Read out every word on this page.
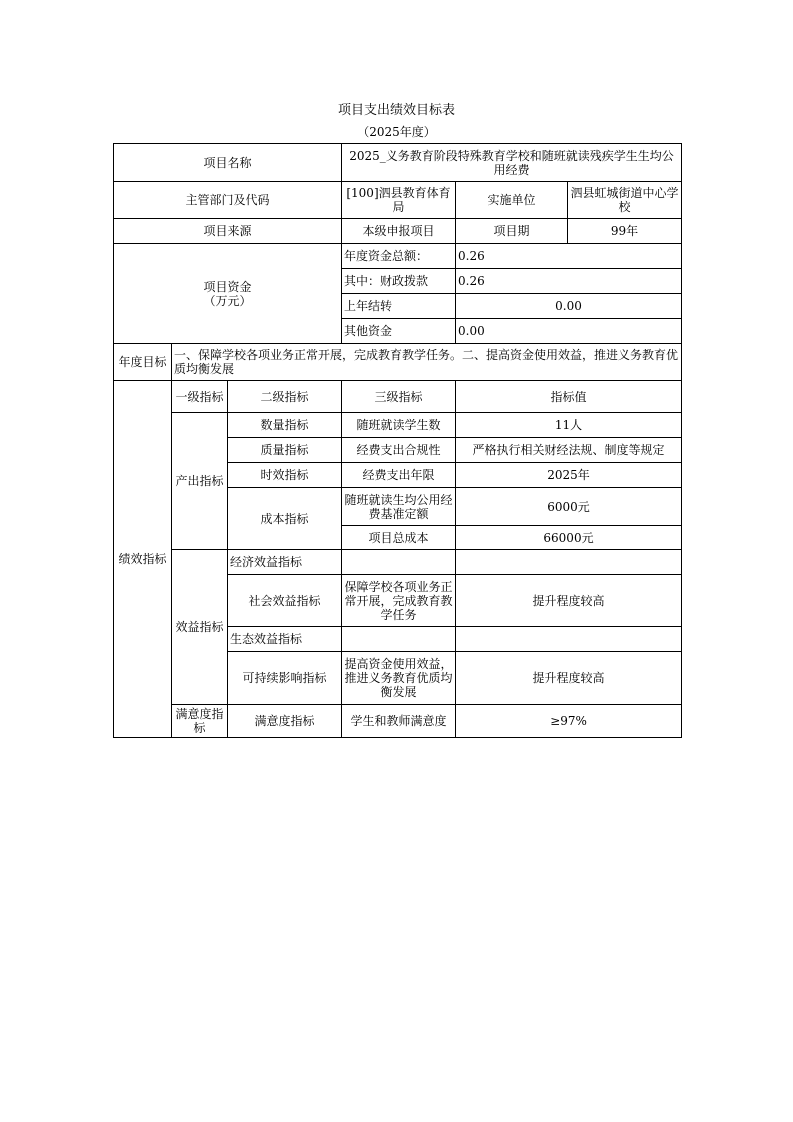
项目支出绩效目标表
（2025年度）
项目名称			2025_义务教育阶段特殊教育学校和随班就读残疾学生生均公用经费		
主管部门及代码			[100]泗县教育体育局	实施单位	泗县虹城街道中心学校
项目来源			本级申报项目	项目期	99年

项目资金
（万元）			年度资金总额：	0.26	
			其中：财政拨款	0.26	
			上年结转	0.00	
			其他资金	0.00	
年度目标	一、保障学校各项业务正常开展，完成教育教学任务。二、提高资金使用效益，推进义务教育优质均衡发展				
绩效指标	一级指标	二级指标	三级指标	指标值	
	产出指标	数量指标	随班就读学生数	11人	
		质量指标	经费支出合规性	严格执行相关财经法规、制度等规定	
		时效指标	经费支出年限	2025年	
		成本指标	随班就读生均公用经费基准定额	6000元	
			项目总成本	66000元	
	效益指标	经济效益指标			
		社会效益指标	保障学校各项业务正常开展，完成教育教学任务	提升程度较高	
		生态效益指标			
		可持续影响指标	提高资金使用效益，推进义务教育优质均衡发展	提升程度较高	
	满意度指标	满意度指标	学生和教师满意度	≥97%	
